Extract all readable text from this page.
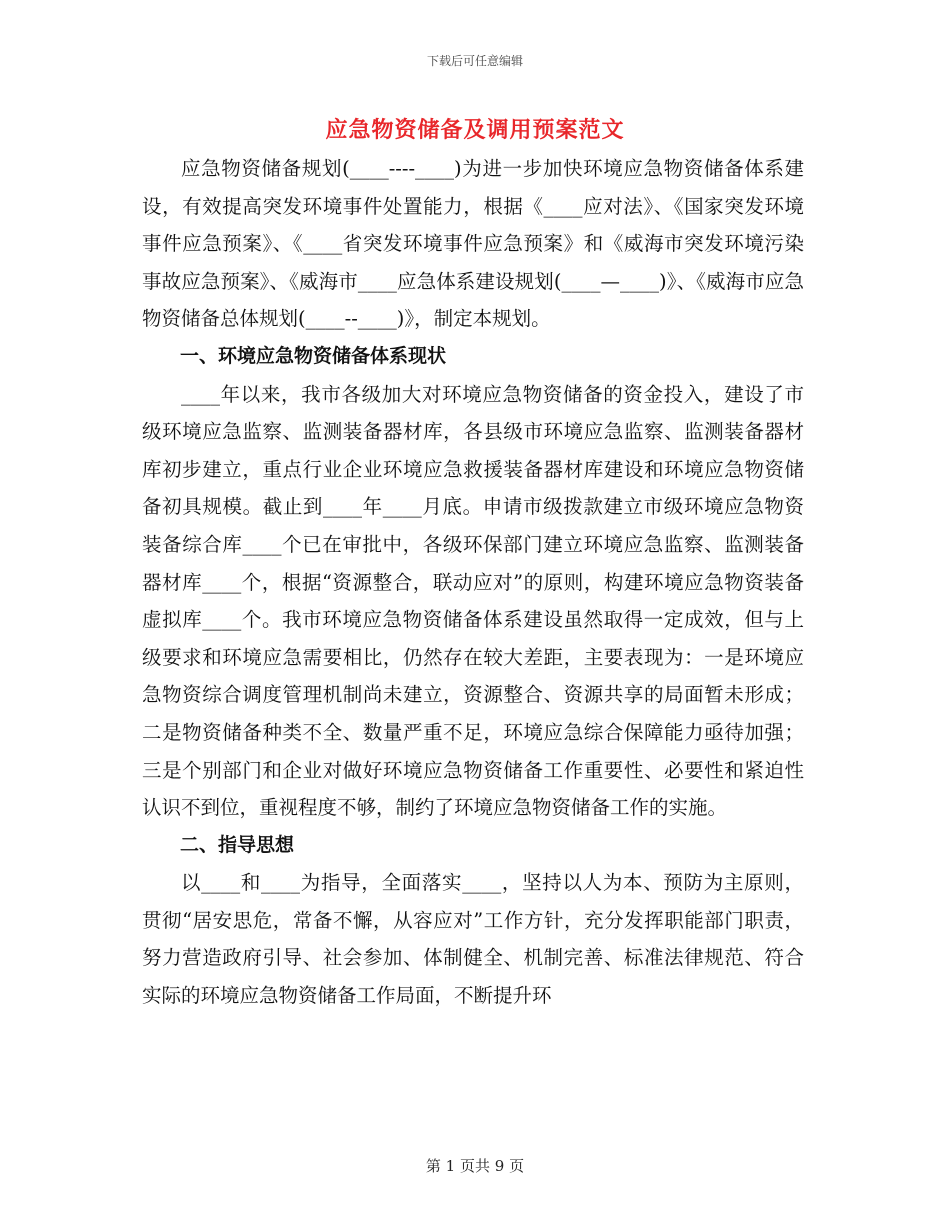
下载后可任意编辑
应急物资储备及调用预案范文

应急物资储备规划(____----____)为进一步加快环境应急物资储备体系建设，有效提高突发环境事件处置能力，根据《____应对法》、《国家突发环境事件应急预案》、《____省突发环境事件应急预案》和《威海市突发环境污染事故应急预案》、《威海市____应急体系建设规划(____—____)》、《威海市应急物资储备总体规划(____--____)》，制定本规划。

一、环境应急物资储备体系现状

____年以来，我市各级加大对环境应急物资储备的资金投入，建设了市级环境应急监察、监测装备器材库，各县级市环境应急监察、监测装备器材库初步建立，重点行业企业环境应急救援装备器材库建设和环境应急物资储备初具规模。截止到____年____月底。申请市级拨款建立市级环境应急物资装备综合库____个已在审批中，各级环保部门建立环境应急监察、监测装备器材库____个，根据“资源整合，联动应对”的原则，构建环境应急物资装备虚拟库____个。我市环境应急物资储备体系建设虽然取得一定成效，但与上级要求和环境应急需要相比，仍然存在较大差距，主要表现为：一是环境应急物资综合调度管理机制尚未建立，资源整合、资源共享的局面暂未形成；二是物资储备种类不全、数量严重不足，环境应急综合保障能力亟待加强；三是个别部门和企业对做好环境应急物资储备工作重要性、必要性和紧迫性认识不到位，重视程度不够，制约了环境应急物资储备工作的实施。

二、指导思想

以____和____为指导，全面落实____，坚持以人为本、预防为主原则，贯彻“居安思危，常备不懈，从容应对”工作方针，充分发挥职能部门职责，努力营造政府引导、社会参加、体制健全、机制完善、标准法律规范、符合实际的环境应急物资储备工作局面，不断提升环

第 1 页共 9 页
